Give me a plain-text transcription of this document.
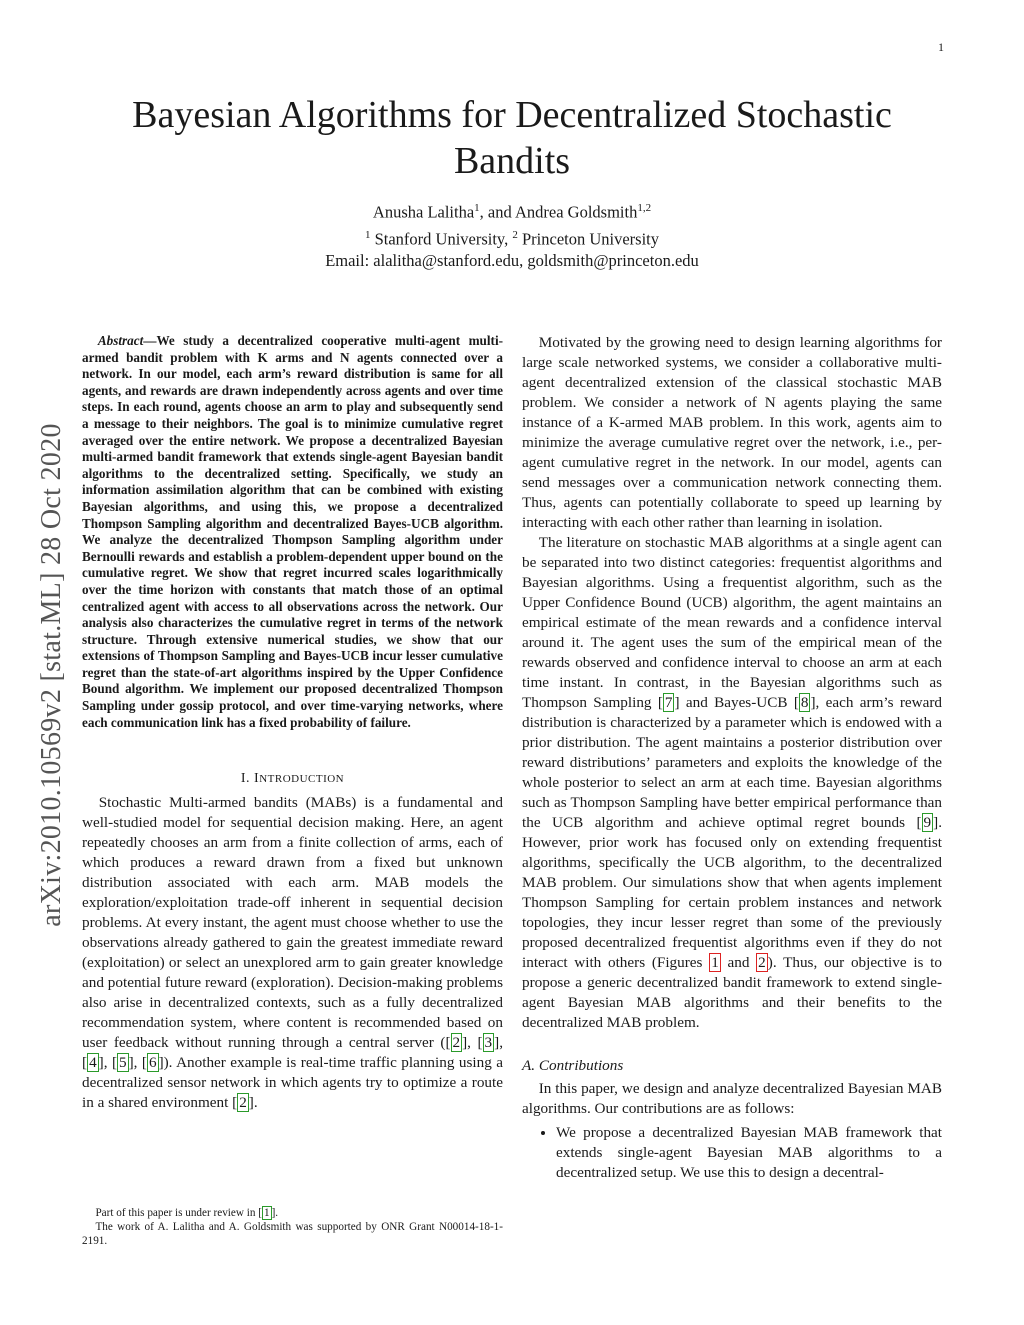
1
Bayesian Algorithms for Decentralized Stochastic
Bandits
Anusha Lalitha$^1$, and Andrea Goldsmith$^{1,2}$
$^1$ Stanford University, $^2$ Princeton University
Email: alalitha@stanford.edu, goldsmith@princeton.edu
arXiv:2010.10569v2 [stat.ML] 28 Oct 2020

Abstract—We study a decentralized cooperative multi-agent multi-armed bandit problem with K arms and N agents connected over a network. In our model, each arm’s reward distribution is same for all agents, and rewards are drawn independently across agents and over time steps. In each round, agents choose an arm to play and subsequently send a message to their neighbors. The goal is to minimize cumulative regret averaged over the entire network. We propose a decentralized Bayesian multi-armed bandit framework that extends single-agent Bayesian bandit algorithms to the decentralized setting. Specifically, we study an information assimilation algorithm that can be combined with existing Bayesian algorithms, and using this, we propose a decentralized Thompson Sampling algorithm and decentralized Bayes-UCB algorithm. We analyze the decentralized Thompson Sampling algorithm under Bernoulli rewards and establish a problem-dependent upper bound on the cumulative regret. We show that regret incurred scales logarithmically over the time horizon with constants that match those of an optimal centralized agent with access to all observations across the network. Our analysis also characterizes the cumulative regret in terms of the network structure. Through extensive numerical studies, we show that our extensions of Thompson Sampling and Bayes-UCB incur lesser cumulative regret than the state-of-art algorithms inspired by the Upper Confidence Bound algorithm. We implement our proposed decentralized Thompson Sampling under gossip protocol, and over time-varying networks, where each communication link has a fixed probability of failure.

I. INTRODUCTION

Stochastic Multi-armed bandits (MABs) is a fundamental and well-studied model for sequential decision making. Here, an agent repeatedly chooses an arm from a finite collection of arms, each of which produces a reward drawn from a fixed but unknown distribution associated with each arm. MAB models the exploration/exploitation trade-off inherent in sequential decision problems. At every instant, the agent must choose whether to use the observations already gathered to gain the greatest immediate reward (exploitation) or select an unexplored arm to gain greater knowledge and potential future reward (exploration). Decision-making problems also arise in decentralized contexts, such as a fully decentralized recommendation system, where content is recommended based on user feedback without running through a central server ([ 2 ], [ 3 ], [ 4 ], [ 5 ], [ 6 ]). Another example is real-time traffic planning using a decentralized sensor network in which agents try to optimize a route in a shared environment [ 2 ].

Part of this paper is under review in [ 1 ].

The work of A. Lalitha and A. Goldsmith was supported by ONR Grant N00014-18-1-2191.

Motivated by the growing need to design learning algorithms for large scale networked systems, we consider a collaborative multi-agent decentralized extension of the classical stochastic MAB problem. We consider a network of N agents playing the same instance of a K-armed MAB problem. In this work, agents aim to minimize the average cumulative regret over the network, i.e., per-agent cumulative regret in the network. In our model, agents can send messages over a communication network connecting them. Thus, agents can potentially collaborate to speed up learning by interacting with each other rather than learning in isolation.

The literature on stochastic MAB algorithms at a single agent can be separated into two distinct categories: frequentist algorithms and Bayesian algorithms. Using a frequentist algorithm, such as the Upper Confidence Bound (UCB) algorithm, the agent maintains an empirical estimate of the mean rewards and a confidence interval around it. The agent uses the sum of the empirical mean of the rewards observed and confidence interval to choose an arm at each time instant. In contrast, in the Bayesian algorithms such as Thompson Sampling [ 7 ] and Bayes-UCB [ 8 ], each arm’s reward distribution is characterized by a parameter which is endowed with a prior distribution. The agent maintains a posterior distribution over reward distributions’ parameters and exploits the knowledge of the whole posterior to select an arm at each time. Bayesian algorithms such as Thompson Sampling have better empirical performance than the UCB algorithm and achieve optimal regret bounds [ 9 ]. However, prior work has focused only on extending frequentist algorithms, specifically the UCB algorithm, to the decentralized MAB problem. Our simulations show that when agents implement Thompson Sampling for certain problem instances and network topologies, they incur lesser regret than some of the previously proposed decentralized frequentist algorithms even if they do not interact with others (Figures 1 and 2 ). Thus, our objective is to propose a generic decentralized bandit framework to extend single-agent Bayesian MAB algorithms and their benefits to the decentralized MAB problem.

A. Contributions

In this paper, we design and analyze decentralized Bayesian MAB algorithms. Our contributions are as follows:

• We propose a decentralized Bayesian MAB framework that extends single-agent Bayesian MAB algorithms to a decentralized setup. We use this to design a decentral-
